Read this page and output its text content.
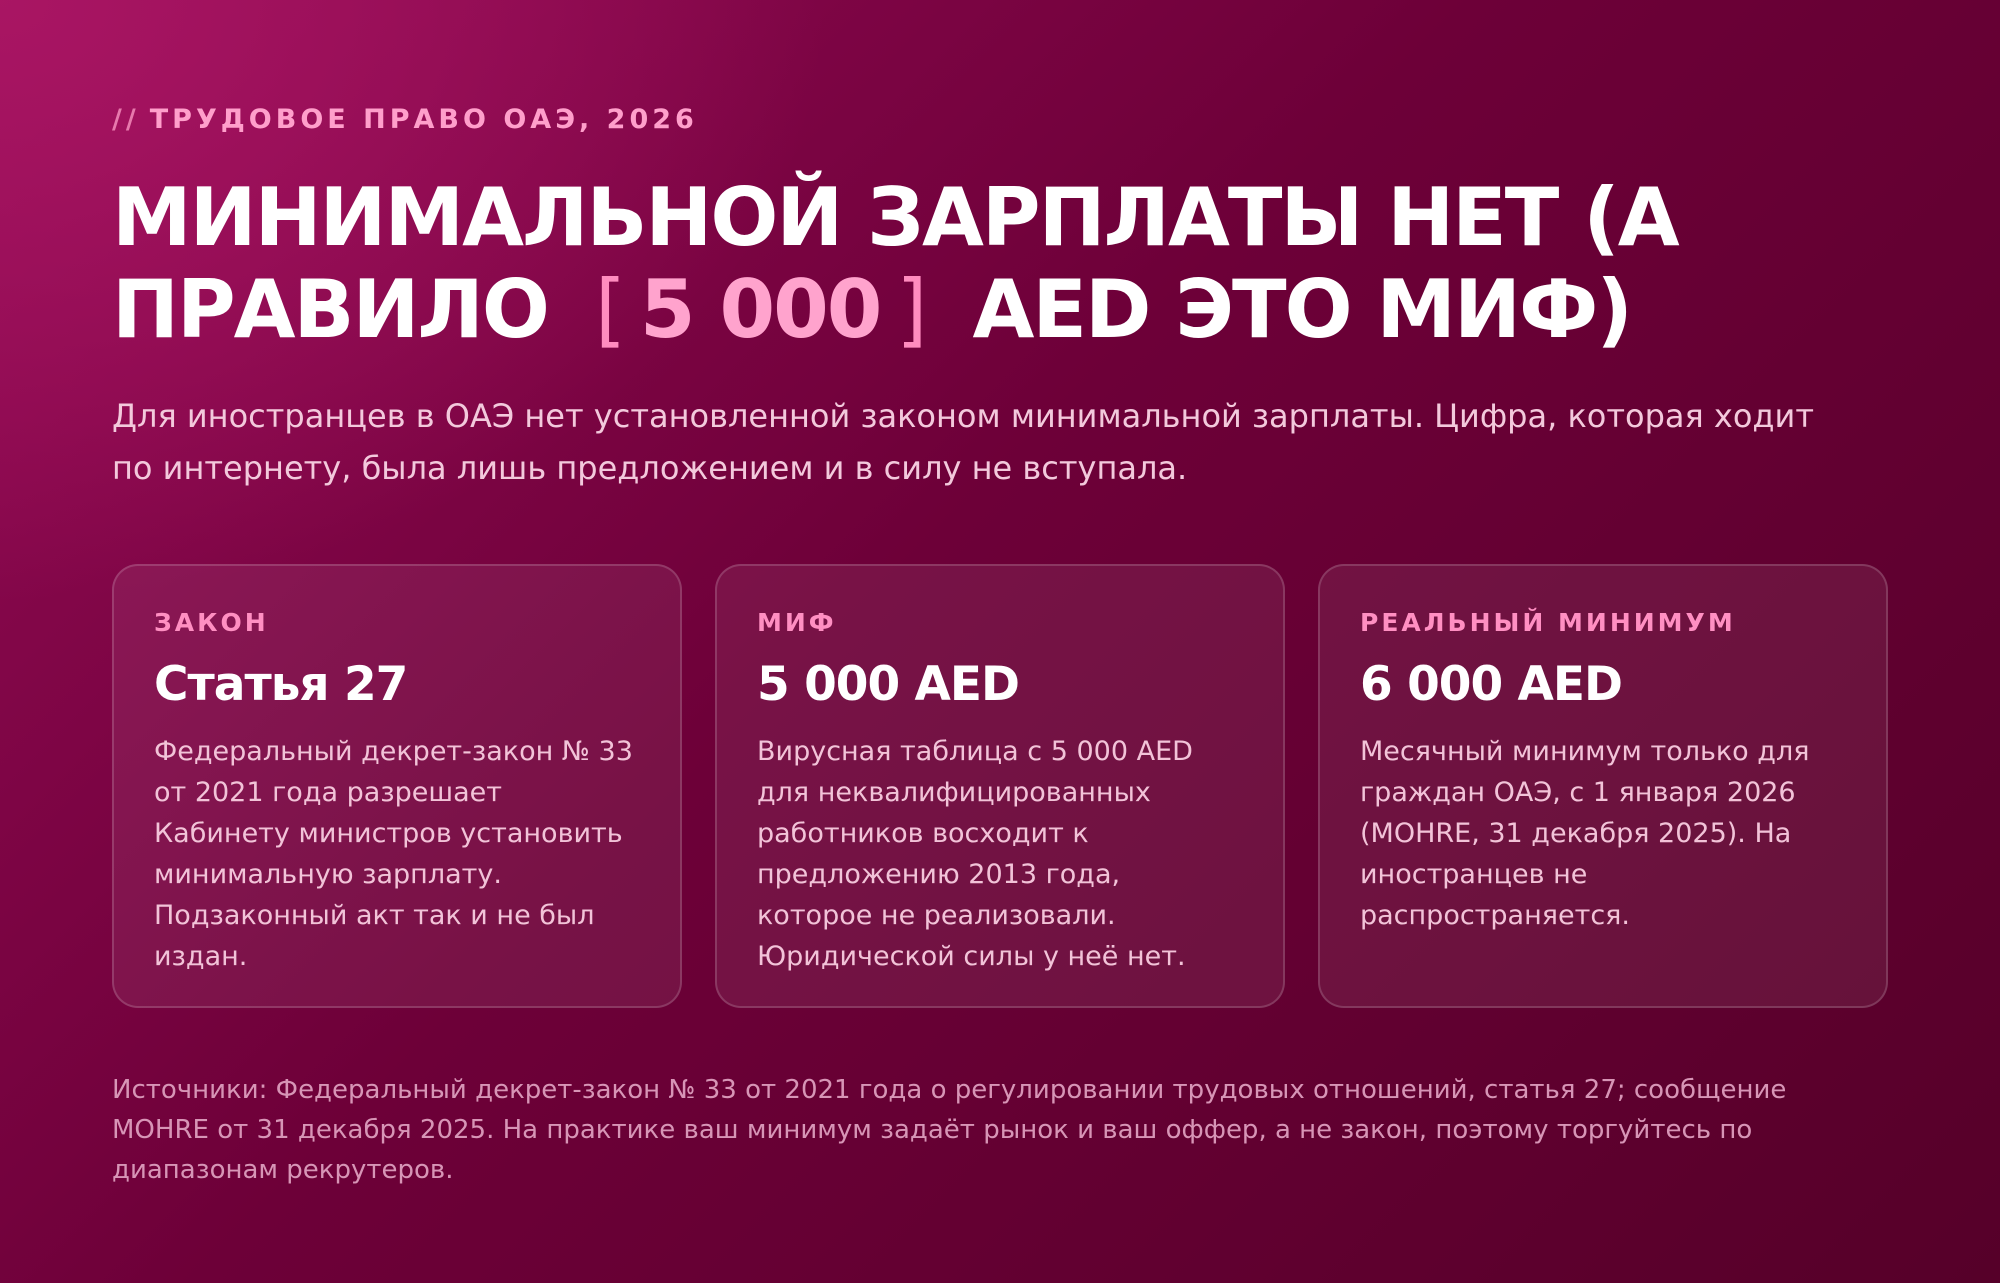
// ТРУДОВОЕ ПРАВО ОАЭ, 2026
МИНИМАЛЬНОЙ ЗАРПЛАТЫ НЕТ (А ПРАВИЛО [ 5 000 ] AED ЭТО МИФ)

Для иностранцев в ОАЭ нет установленной законом минимальной зарплаты. Цифра, которая ходит по интернету, была лишь предложением и в силу не вступала.

ЗАКОН
Статья 27

Федеральный декрет-закон № 33 от 2021 года разрешает Кабинету министров установить минимальную зарплату. Подзаконный акт так и не был издан.

МИФ
5 000 AED

Вирусная таблица с 5 000 AED для неквалифицированных работников восходит к предложению 2013 года, которое не реализовали. Юридической силы у неё нет.

РЕАЛЬНЫЙ МИНИМУМ
6 000 AED

Месячный минимум только для граждан ОАЭ, с 1 января 2026 (MOHRE, 31 декабря 2025). На иностранцев не распространяется.

Источники: Федеральный декрет-закон № 33 от 2021 года о регулировании трудовых отношений, статья 27; сообщение MOHRE от 31 декабря 2025. На практике ваш минимум задаёт рынок и ваш оффер, а не закон, поэтому торгуйтесь по диапазонам рекрутеров.
